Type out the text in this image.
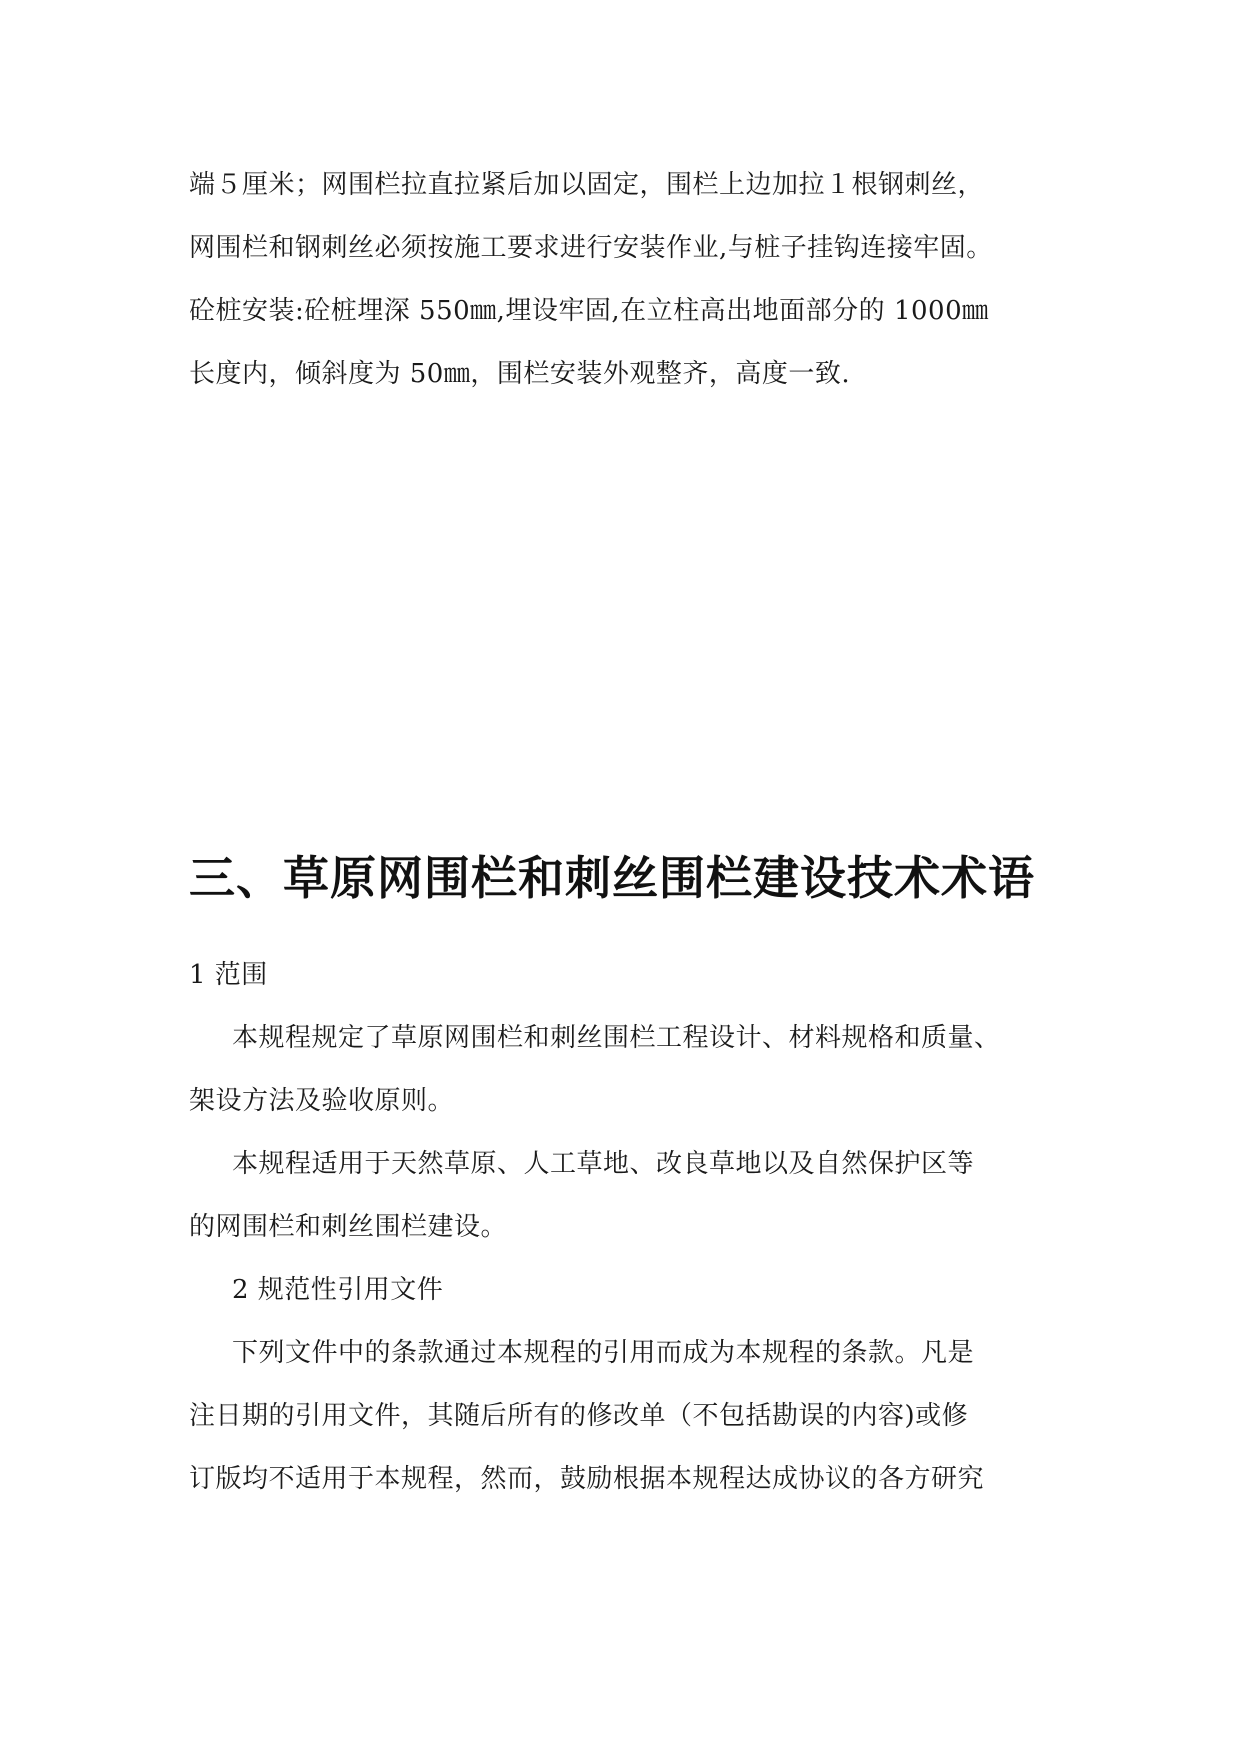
端５厘米；网围栏拉直拉紧后加以固定，围栏上边加拉１根钢刺丝，
网围栏和钢刺丝必须按施工要求进行安装作业,与桩子挂钩连接牢固。
砼桩安装:砼桩埋深 550㎜,埋设牢固,在立柱高出地面部分的 1000㎜
长度内，倾斜度为 50㎜，围栏安装外观整齐，高度一致.
三、草原网围栏和刺丝围栏建设技术术语
1 范围
本规程规定了草原网围栏和刺丝围栏工程设计、材料规格和质量、
架设方法及验收原则。
本规程适用于天然草原、人工草地、改良草地以及自然保护区等
的网围栏和刺丝围栏建设。
2 规范性引用文件
下列文件中的条款通过本规程的引用而成为本规程的条款。凡是
注日期的引用文件，其随后所有的修改单（不包括勘误的内容)或修
订版均不适用于本规程，然而，鼓励根据本规程达成协议的各方研究
